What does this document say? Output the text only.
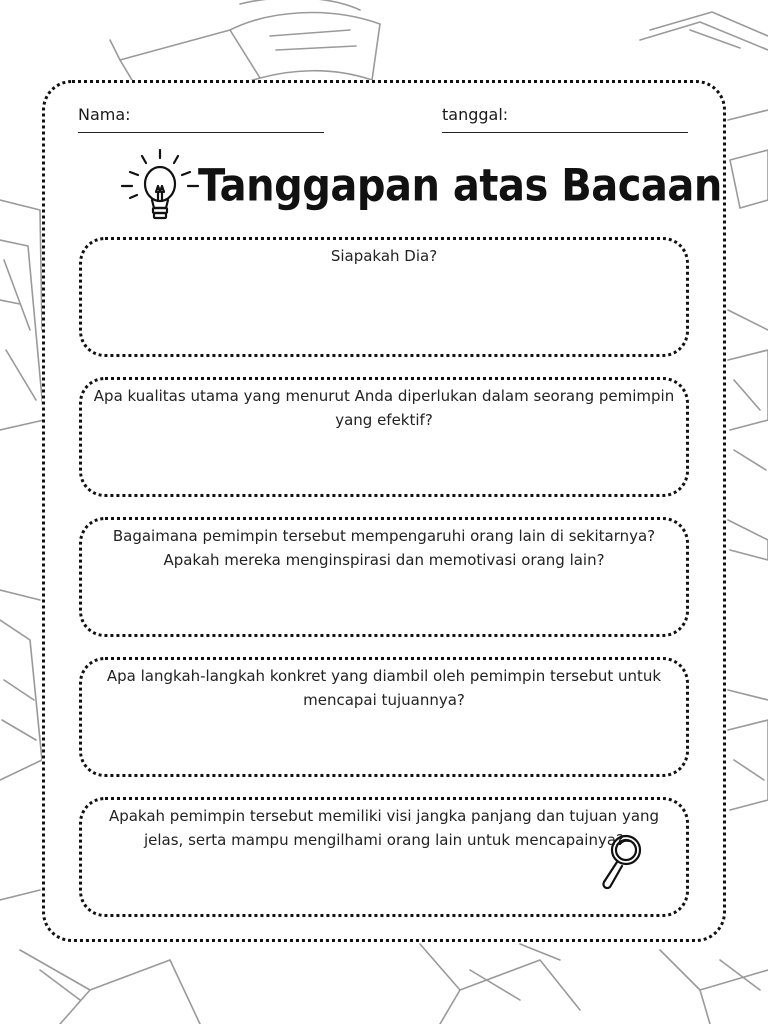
Nama:	tanggal:
Tanggapan atas Bacaan
Siapakah Dia?
Apa kualitas utama yang menurut Anda diperlukan dalam seorang pemimpin yang efektif?
Bagaimana pemimpin tersebut mempengaruhi orang lain di sekitarnya? Apakah mereka menginspirasi dan memotivasi orang lain?
Apa langkah-langkah konkret yang diambil oleh pemimpin tersebut untuk mencapai tujuannya?
Apakah pemimpin tersebut memiliki visi jangka panjang dan tujuan yang jelas, serta mampu mengilhami orang lain untuk mencapainya?
